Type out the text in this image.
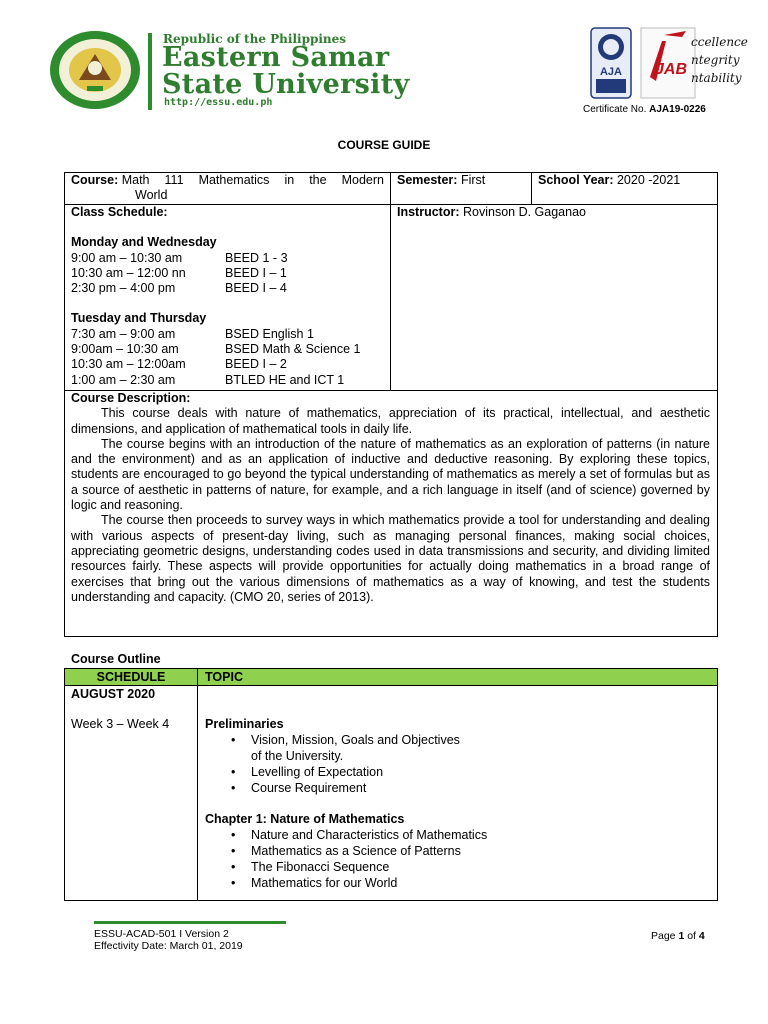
Republic of the Philippines
Eastern Samar
State University
http://essu.edu.ph
AJA	JAB
ccellence
ntegrity
ntability
Certificate No. AJA19-0226
COURSE GUIDE
Course:
Math 111 Mathematics in the Modern
World
Semester: First	School Year: 2020 -2021
Class Schedule:
Monday and Wednesday
9:00 am – 10:30 am	BEED 1 - 3
10:30 am – 12:00 nn	BEED I – 1
2:30 pm – 4:00 pm	BEED I – 4
Tuesday and Thursday
7:30 am – 9:00 am	BSED English 1
9:00am – 10:30 am	BSED Math & Science 1
10:30 am – 12:00am	BEED I – 2
1:00 am – 2:30 am	BTLED HE and ICT 1
Instructor: Rovinson D. Gaganao
Course Description:

This course deals with nature of mathematics, appreciation of its practical, intellectual, and aesthetic dimensions, and application of mathematical tools in daily life.

The course begins with an introduction of the nature of mathematics as an exploration of patterns (in nature and the environment) and as an application of inductive and deductive reasoning. By exploring these topics, students are encouraged to go beyond the typical understanding of mathematics as merely a set of formulas but as a source of aesthetic in patterns of nature, for example, and a rich language in itself (and of science) governed by logic and reasoning.

The course then proceeds to survey ways in which mathematics provide a tool for understanding and dealing with various aspects of present-day living, such as managing personal finances, making social choices, appreciating geometric designs, understanding codes used in data transmissions and security, and dividing limited resources fairly. These aspects will provide opportunities for actually doing mathematics in a broad range of exercises that bring out the various dimensions of mathematics as a way of knowing, and test the students understanding and capacity. (CMO 20, series of 2013).

Course Outline
SCHEDULE	TOPIC
AUGUST 2020
Week 3 – Week 4	Preliminaries
• Vision, Mission, Goals and Objectives
of the University.
• Levelling of Expectation
• Course Requirement
Chapter 1: Nature of Mathematics
• Nature and Characteristics of Mathematics
• Mathematics as a Science of Patterns
• The Fibonacci Sequence
• Mathematics for our World
ESSU-ACAD-501 I Version 2
Effectivity Date: March 01, 2019
Page 1 of 4
